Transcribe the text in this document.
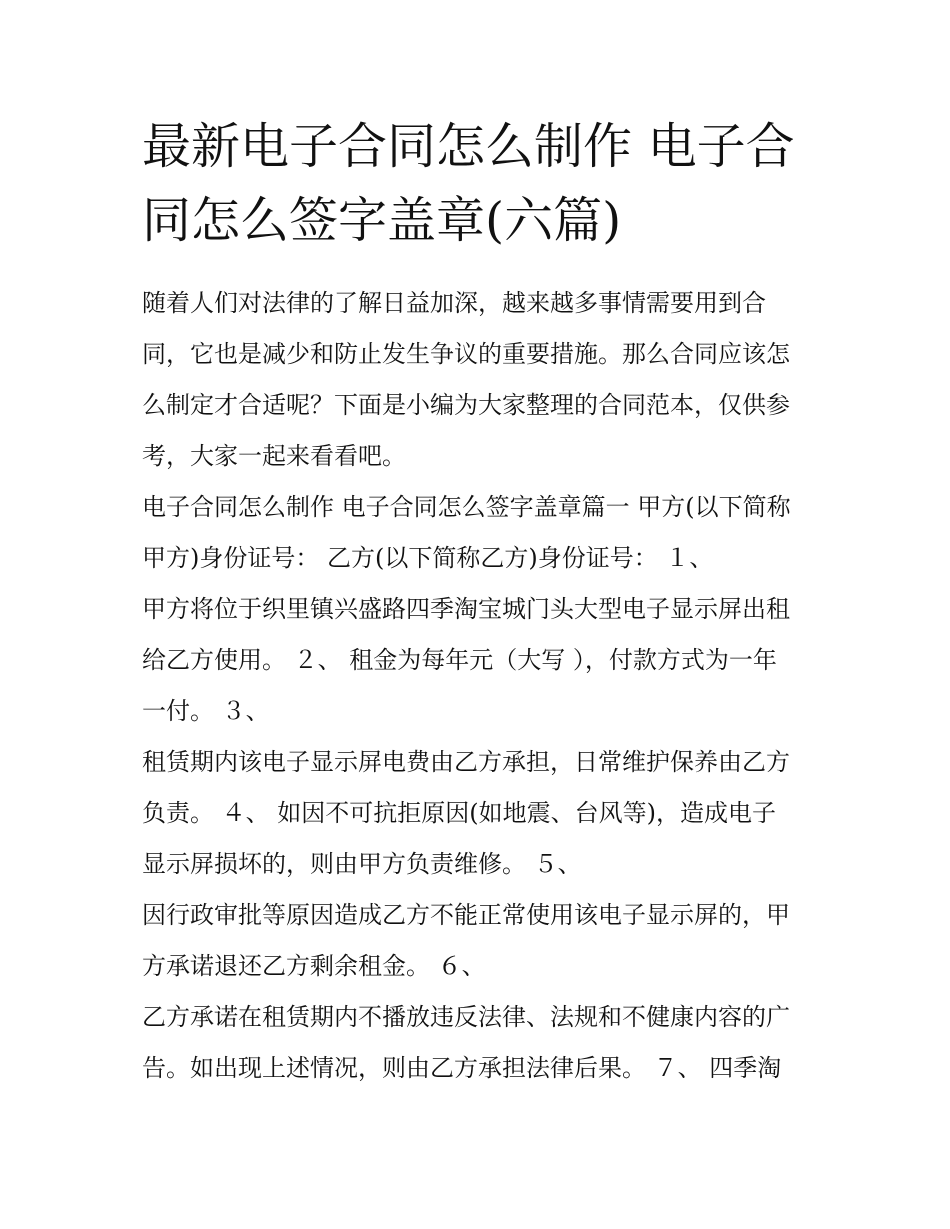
最新电子合同怎么制作 电子合
同怎么签字盖章(六篇)
随着人们对法律的了解日益加深，越来越多事情需要用到合
同，它也是减少和防止发生争议的重要措施。那么合同应该怎
么制定才合适呢？下面是小编为大家整理的合同范本，仅供参
考，大家一起来看看吧。
电子合同怎么制作 电子合同怎么签字盖章篇一 甲方(以下简称
甲方)身份证号： 乙方(以下简称乙方)身份证号： １、
甲方将位于织里镇兴盛路四季淘宝城门头大型电子显示屏出租
给乙方使用。 ２、 租金为每年元（大写 ），付款方式为一年
一付。 ３、
租赁期内该电子显示屏电费由乙方承担，日常维护保养由乙方
负责。 ４、 如因不可抗拒原因(如地震、台风等)，造成电子
显示屏损坏的，则由甲方负责维修。 ５、
因行政审批等原因造成乙方不能正常使用该电子显示屏的，甲
方承诺退还乙方剩余租金。 ６、
乙方承诺在租赁期内不播放违反法律、法规和不健康内容的广
告。如出现上述情况，则由乙方承担法律后果。 ７、 四季淘
